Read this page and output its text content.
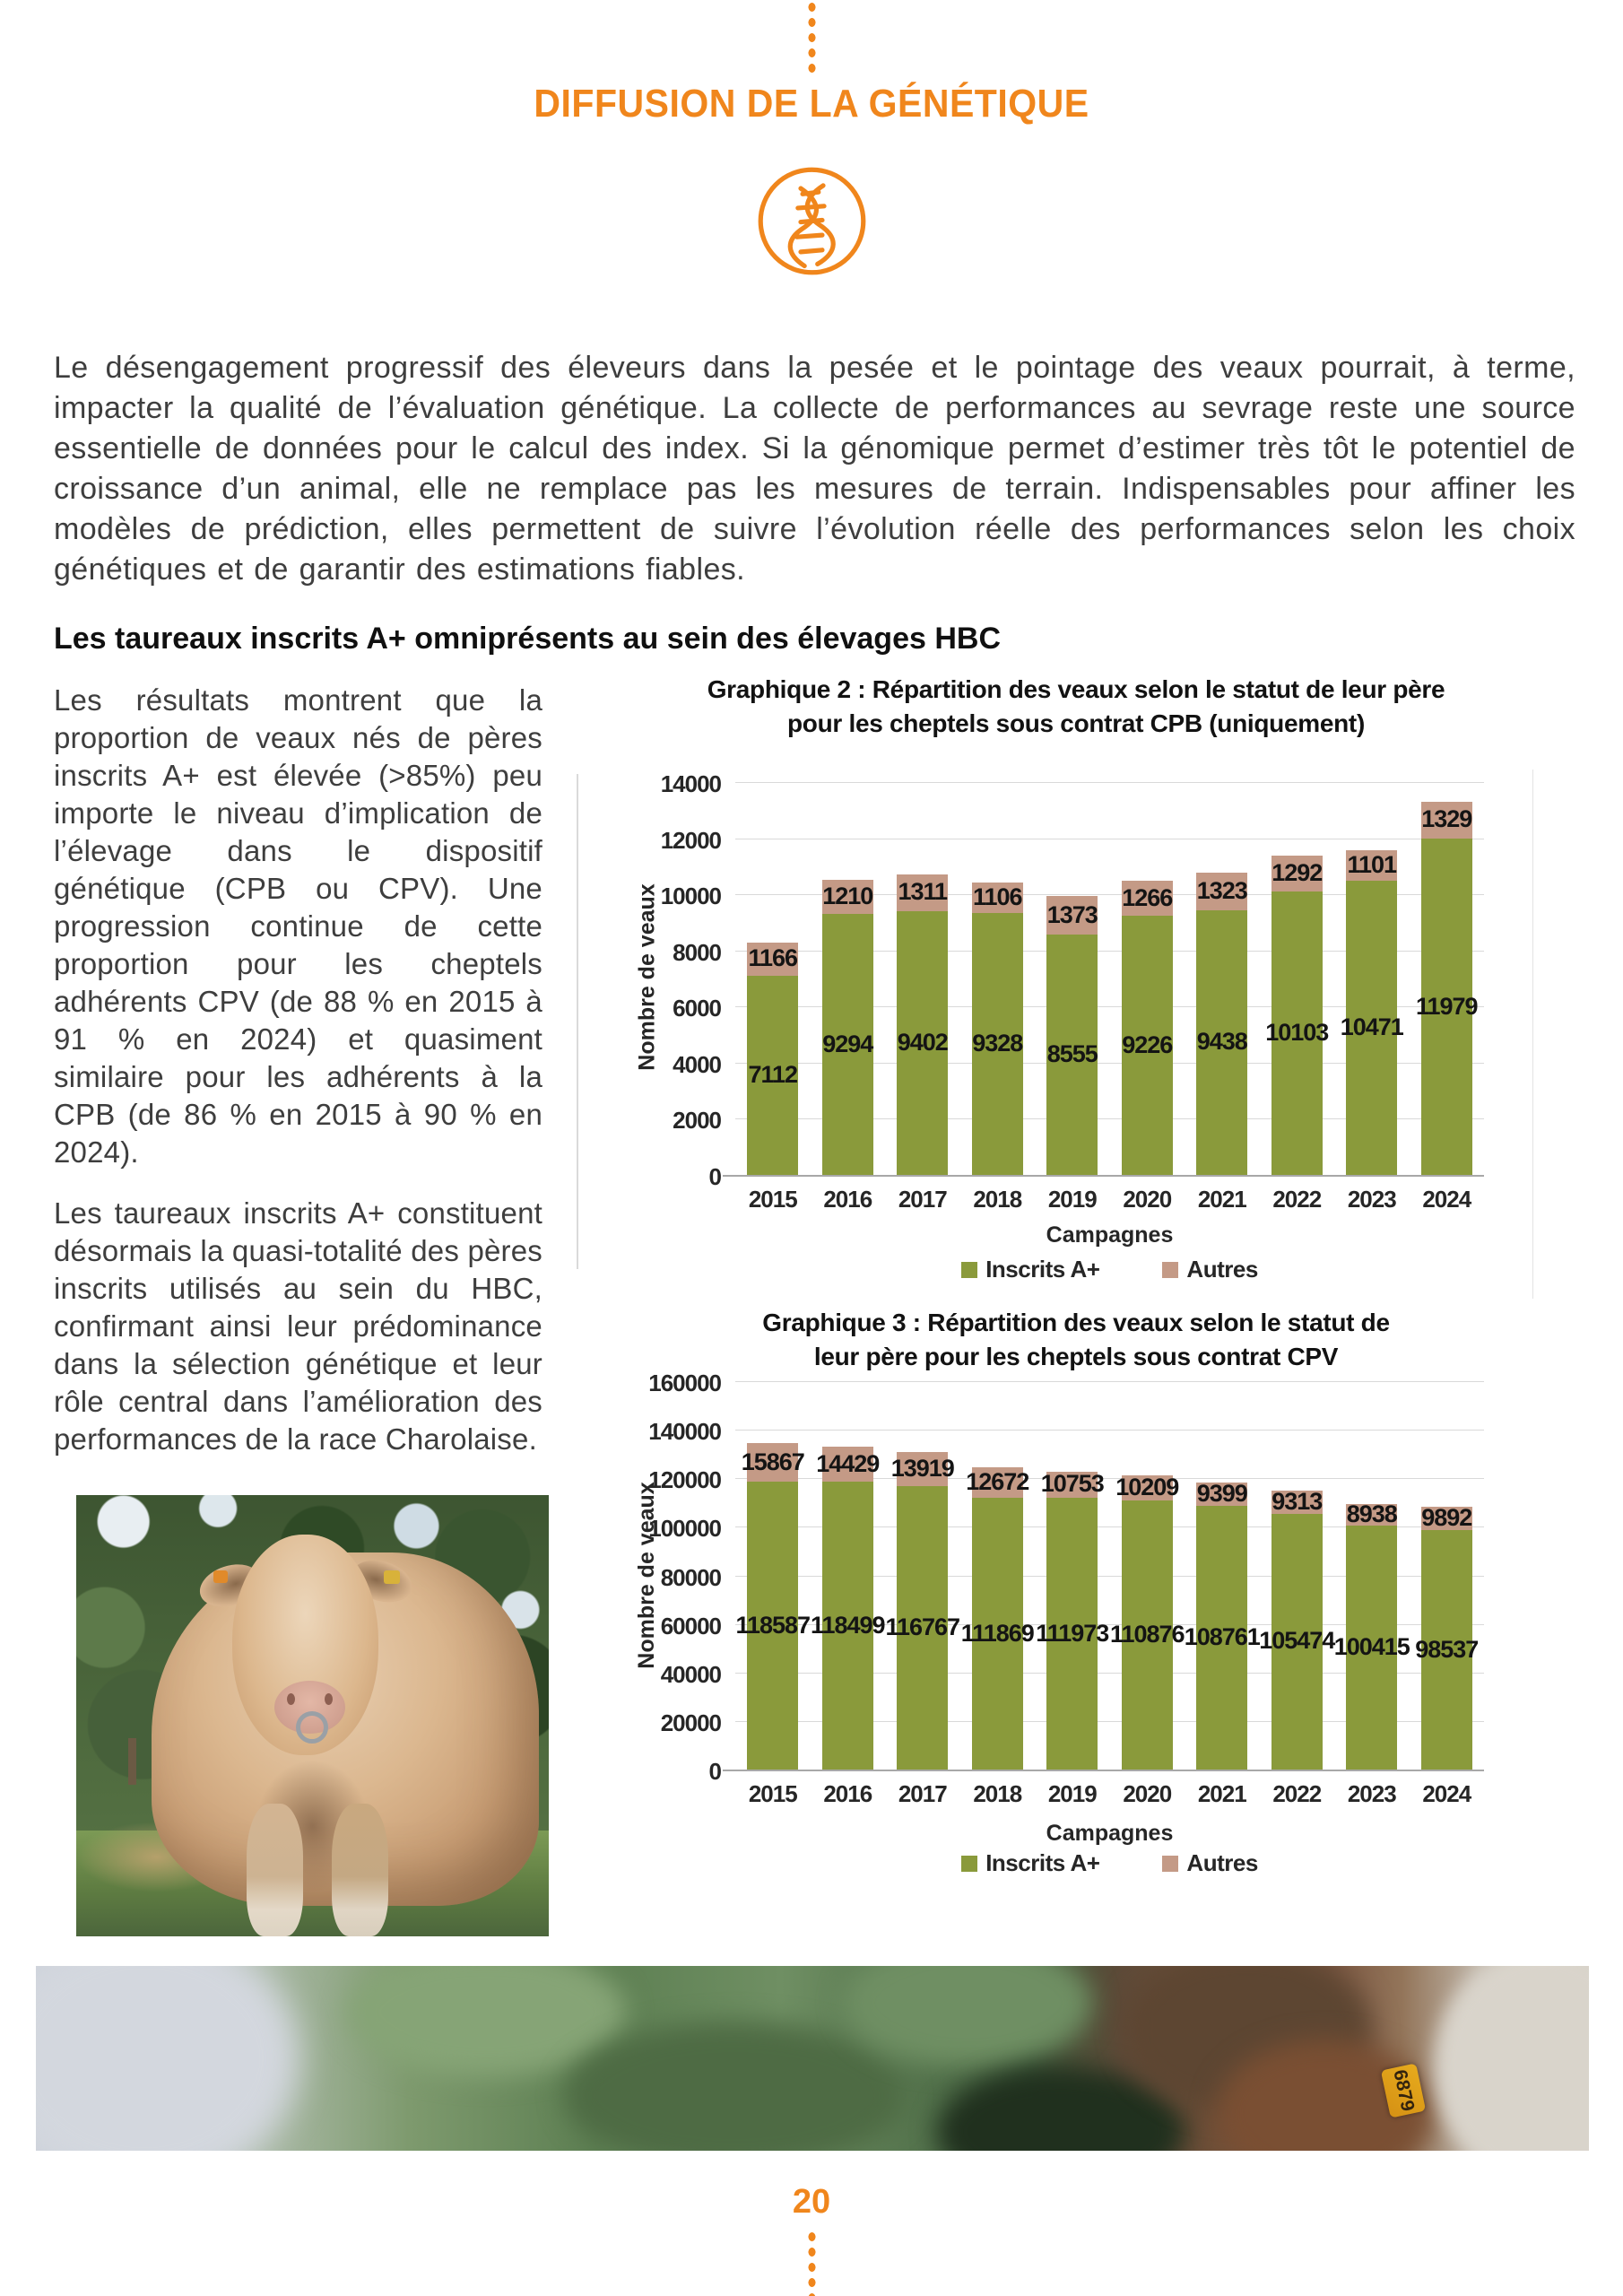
DIFFUSION DE LA GÉNÉTIQUE

Le désengagement progressif des éleveurs dans la pesée et le pointage des veaux pourrait, à terme, impacter la qualité de l’évaluation génétique. La collecte de performances au sevrage reste une source essentielle de données pour le calcul des index. Si la génomique permet d’estimer très tôt le potentiel de croissance d’un animal, elle ne remplace pas les mesures de terrain. Indispensables pour affiner les modèles de prédiction, elles permettent de suivre l’évolution réelle des performances selon les choix génétiques et de garantir des estimations fiables.

Les taureaux inscrits A+ omniprésents au sein des élevages HBC

Les résultats montrent que la proportion de veaux nés de pères inscrits A+ est élevée (>85%) peu importe le niveau d’implication de l’élevage dans le dispositif génétique (CPB ou CPV). Une progression continue de cette proportion pour les cheptels adhérents CPV (de 88 % en 2015 à 91 % en 2024) et quasiment similaire pour les adhérents à la CPB (de 86 % en 2015 à 90 % en 2024).

Les taureaux inscrits A+ constituent désormais la quasi-totalité des pères inscrits utilisés au sein du HBC, confirmant ainsi leur prédominance dans la sélection génétique et leur rôle central dans l’amélioration des performances de la race Charolaise.

Graphique 2 : Répartition des veaux selon le statut de leur père
pour les cheptels sous contrat CPB (uniquement)
Nombre de veaux
0
2000
4000
6000
8000
10000
12000
14000
7112
1166
2015
9294
1210
2016
9402
1311
2017
9328
1106
2018
8555
1373
2019
9226
1266
2020
9438
1323
2021
10103
1292
2022
10471
1101
2023
11979
1329
2024
Campagnes
Inscrits A+	Autres
Graphique 3 : Répartition des veaux selon le statut de
leur père pour les cheptels sous contrat CPV
Nombre de veaux
0
20000
40000
60000
80000
100000
120000
140000
160000
118587
15867
2015
118499
14429
2016
116767
13919
2017
111869
12672
2018
111973
10753
2019
110876
10209
2020
108761
9399
2021
105474
9313
2022
100415
8938
2023
98537
9892
2024
Campagnes
Inscrits A+	Autres
6879
20
